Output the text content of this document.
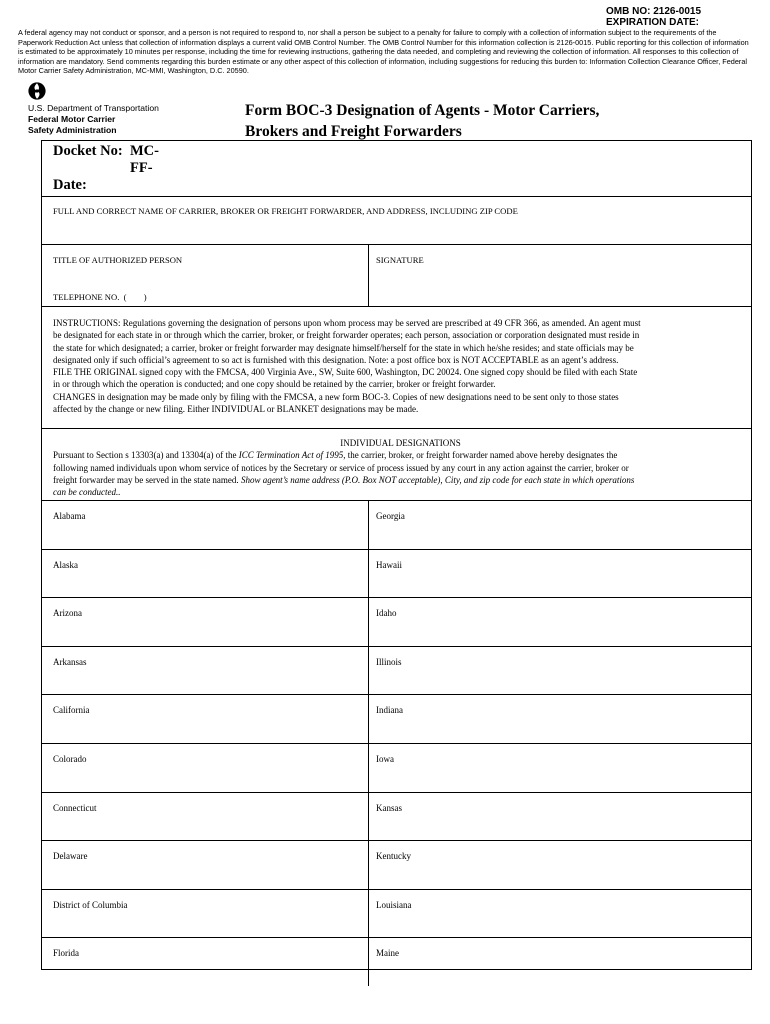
OMB NO: 2126-0015
EXPIRATION DATE:
A federal agency may not conduct or sponsor, and a person is not required to respond to, nor shall a person be subject to a penalty for failure to comply with a collection of information subject to the requirements of the Paperwork Reduction Act unless that collection of information displays a current valid OMB Control Number. The OMB Control Number for this information collection is 2126-0015. Public reporting for this collection of information is estimated to be approximately 10 minutes per response, including the time for reviewing instructions, gathering the data needed, and completing and reviewing the collection of information. All responses to this collection of information are mandatory. Send comments regarding this burden estimate or any other aspect of this collection of information, including suggestions for reducing this burden to: Information Collection Clearance Officer, Federal Motor Carrier Safety Administration, MC-MMI, Washington, D.C. 20590.
U.S. Department of Transportation
Federal Motor Carrier
Safety Administration
Form BOC-3 Designation of Agents - Motor Carriers,
Brokers and Freight Forwarders
Docket No: MC-
FF-
Date:
FULL AND CORRECT NAME OF CARRIER, BROKER OR FREIGHT FORWARDER, AND ADDRESS, INCLUDING ZIP CODE
TITLE OF AUTHORIZED PERSON	SIGNATURE
TELEPHONE NO.  (        )
INSTRUCTIONS: Regulations governing the designation of persons upon whom process may be served are prescribed at 49 CFR 366, as amended. An agent must
be designated for each state in or through which the carrier, broker, or freight forwarder operates; each person, association or corporation designated must reside in
the state for which designated; a carrier, broker or freight forwarder may designate himself/herself for the state in which he/she resides; and state officials may be
designated only if such official’s agreement to so act is furnished with this designation. Note: a post office box is NOT ACCEPTABLE as an agent’s address.
FILE THE ORIGINAL signed copy with the FMCSA, 400 Virginia Ave., SW, Suite 600, Washington, DC 20024. One signed copy should be filed with each State
in or through which the operation is conducted; and one copy should be retained by the carrier, broker or freight forwarder.
CHANGES in designation may be made only by filing with the FMCSA, a new form BOC-3. Copies of new designations need to be sent only to those states
affected by the change or new filing. Either INDIVIDUAL or BLANKET designations may be made.
INDIVIDUAL DESIGNATIONS
Pursuant to Section s 13303(a) and 13304(a) of the ICC Termination Act of 1995, the carrier, broker, or freight forwarder named above hereby designates the
following named individuals upon whom service of notices by the Secretary or service of process issued by any court in any action against the carrier, broker or
freight forwarder may be served in the state named. Show agent’s name address (P.O. Box NOT acceptable), City, and zip code for each state in which operations
can be conducted..
Alabama	Georgia
Alaska	Hawaii
Arizona	Idaho
Arkansas	Illinois
California	Indiana
Colorado	Iowa
Connecticut	Kansas
Delaware	Kentucky
District of Columbia	Louisiana
Florida	Maine
